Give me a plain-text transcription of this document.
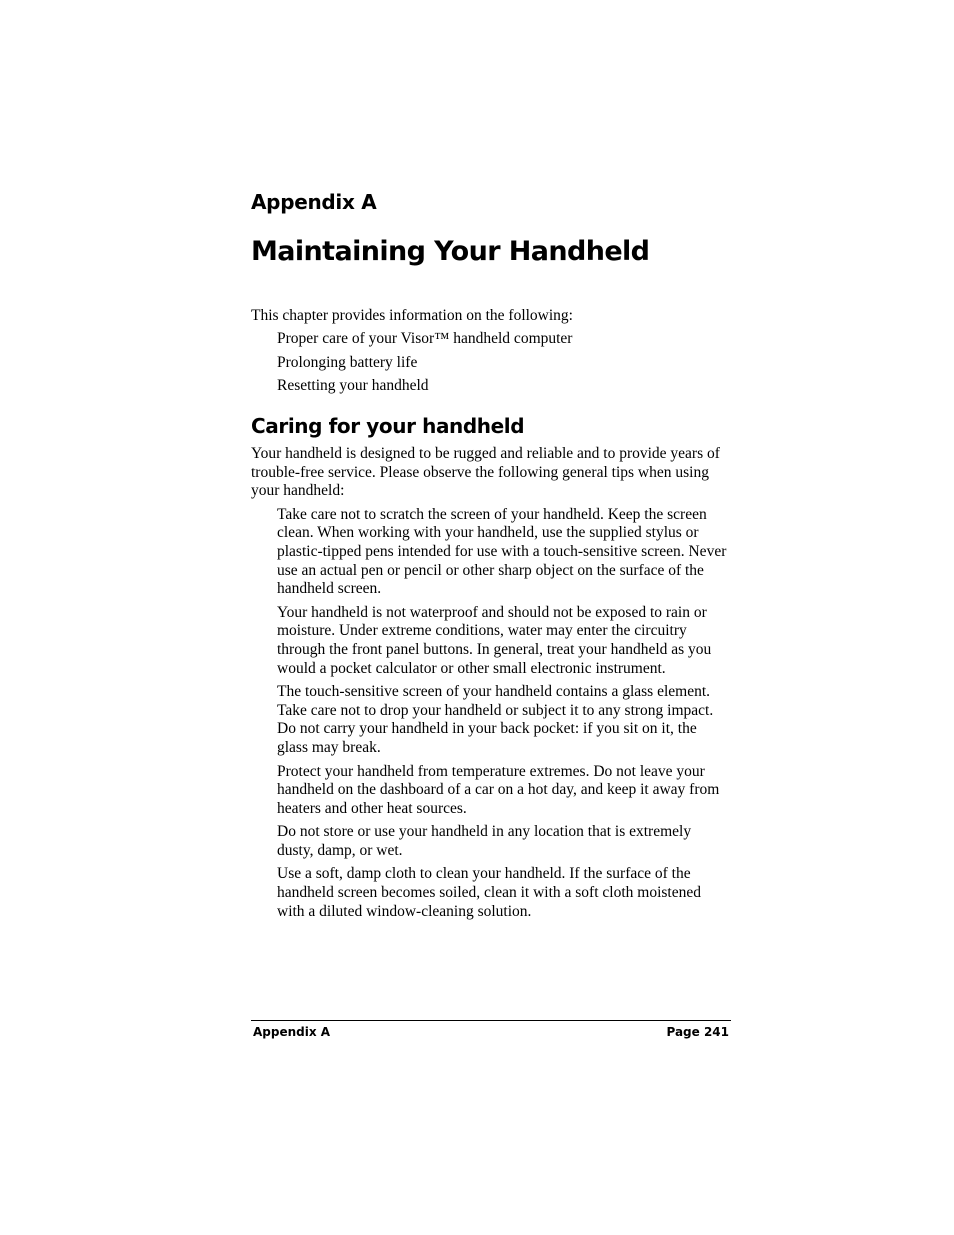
Appendix A
Maintaining Your Handheld

This chapter provides information on the following:

Proper care of your Visor™ handheld computer
Prolonging battery life
Resetting your handheld
Caring for your handheld

Your handheld is designed to be rugged and reliable and to provide years of trouble-free service. Please observe the following general tips when using your handheld:

Take care not to scratch the screen of your handheld. Keep the screen clean. When working with your handheld, use the supplied stylus or plastic-tipped pens intended for use with a touch-sensitive screen. Never use an actual pen or pencil or other sharp object on the surface of the handheld screen.
Your handheld is not waterproof and should not be exposed to rain or moisture. Under extreme conditions, water may enter the circuitry through the front panel buttons. In general, treat your handheld as you would a pocket calculator or other small electronic instrument.
The touch-sensitive screen of your handheld contains a glass element. Take care not to drop your handheld or subject it to any strong impact. Do not carry your handheld in your back pocket: if you sit on it, the glass may break.
Protect your handheld from temperature extremes. Do not leave your handheld on the dashboard of a car on a hot day, and keep it away from heaters and other heat sources.
Do not store or use your handheld in any location that is extremely dusty, damp, or wet.
Use a soft, damp cloth to clean your handheld. If the surface of the handheld screen becomes soiled, clean it with a soft cloth moistened with a diluted window-cleaning solution.
Appendix A	Page 241
